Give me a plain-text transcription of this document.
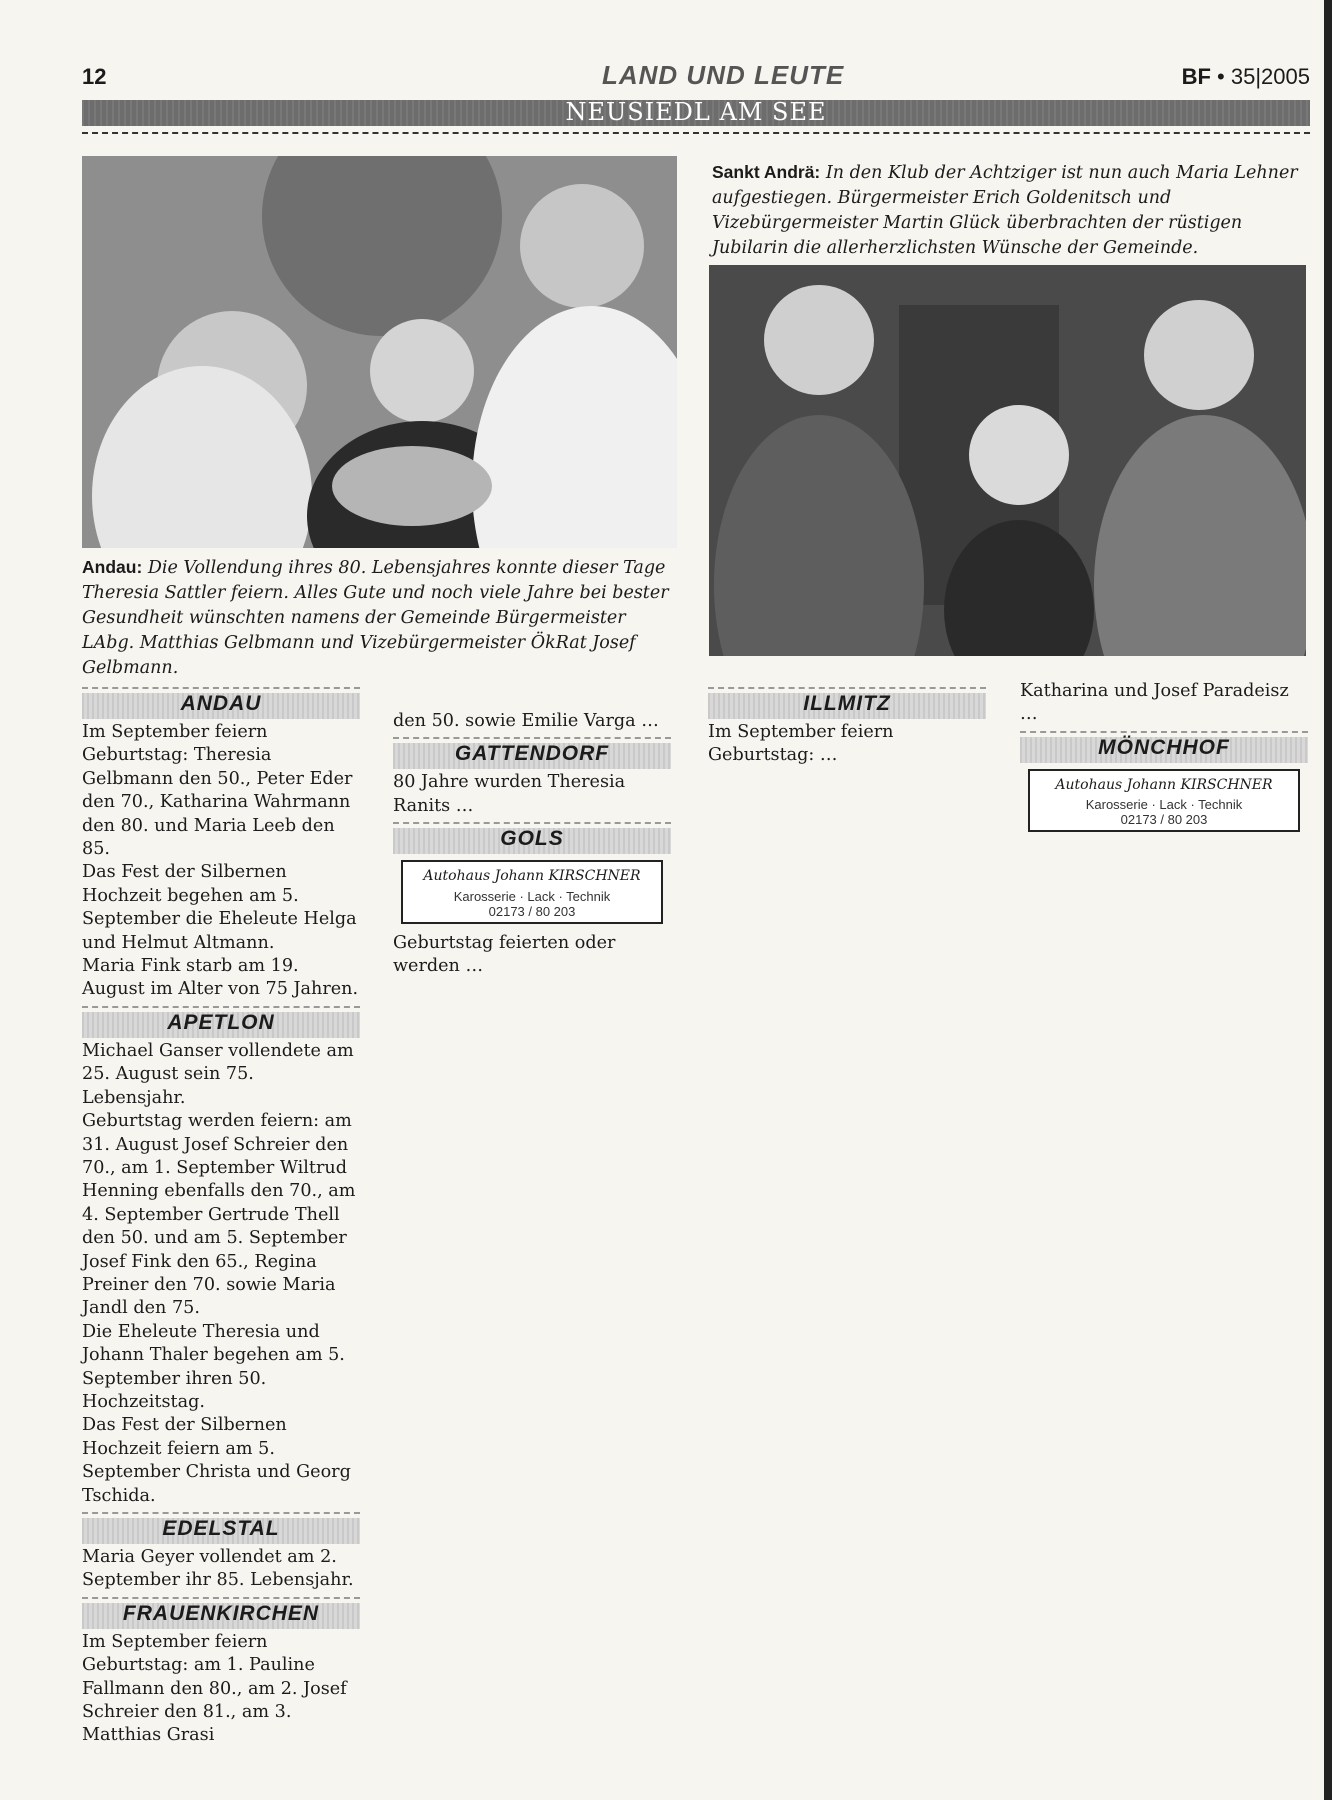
12	LAND UND LEUTE	BF • 35|2005
NEUSIEDL AM SEE
Andau: Die Vollendung ihres 80. Lebensjahres konnte dieser Tage Theresia Sattler feiern. Alles Gute und noch viele Jahre bei bester Gesundheit wünschten namens der Gemeinde Bürgermeister LAbg. Matthias Gelbmann und Vizebürgermeister ÖkRat Josef Gelbmann.
Sankt Andrä: In den Klub der Achtziger ist nun auch Maria Lehner aufgestiegen. Bürgermeister Erich Goldenitsch und Vizebürgermeister Martin Glück überbrachten der rüstigen Jubilarin die allerherzlichsten Wünsche der Gemeinde.
ANDAU

Im September feiern Geburtstag: Theresia Gelbmann den 50., Peter Eder den 70., Katharina Wahrmann den 80. und Maria Leeb den 85.

Das Fest der Silbernen Hochzeit begehen am 5. September die Eheleute Helga und Helmut Altmann.

Maria Fink starb am 19. August im Alter von 75 Jahren.

APETLON

Michael Ganser vollendete am 25. August sein 75. Lebensjahr.

Geburtstag werden feiern: am 31. August Josef Schreier den 70., am 1. September Wiltrud Henning ebenfalls den 70., am 4. September Gertrude Thell den 50. und am 5. September Josef Fink den 65., Regina Preiner den 70. sowie Maria Jandl den 75.

Die Eheleute Theresia und Johann Thaler begehen am 5. September ihren 50. Hochzeitstag.

Das Fest der Silbernen Hochzeit feiern am 5. September Christa und Georg Tschida.

EDELSTAL

Maria Geyer vollendet am 2. September ihr 85. Lebensjahr.

FRAUENKIRCHEN

Im September feiern Geburtstag: am 1. Pauline Fallmann den 80., am 2. Josef Schreier den 81., am 3. Matthias Grasi

den 50. sowie Emilie Varga …

GATTENDORF

80 Jahre wurden Theresia Ranits …

GOLS
Autohaus Johann KIRSCHNER
Karosserie · Lack · Technik
02173 / 80 203

Geburtstag feierten oder werden …

ILLMITZ

Im September feiern Geburtstag: …

Katharina und Josef Paradeisz …

MÖNCHHOF
Autohaus Johann KIRSCHNER
Karosserie · Lack · Technik
02173 / 80 203
